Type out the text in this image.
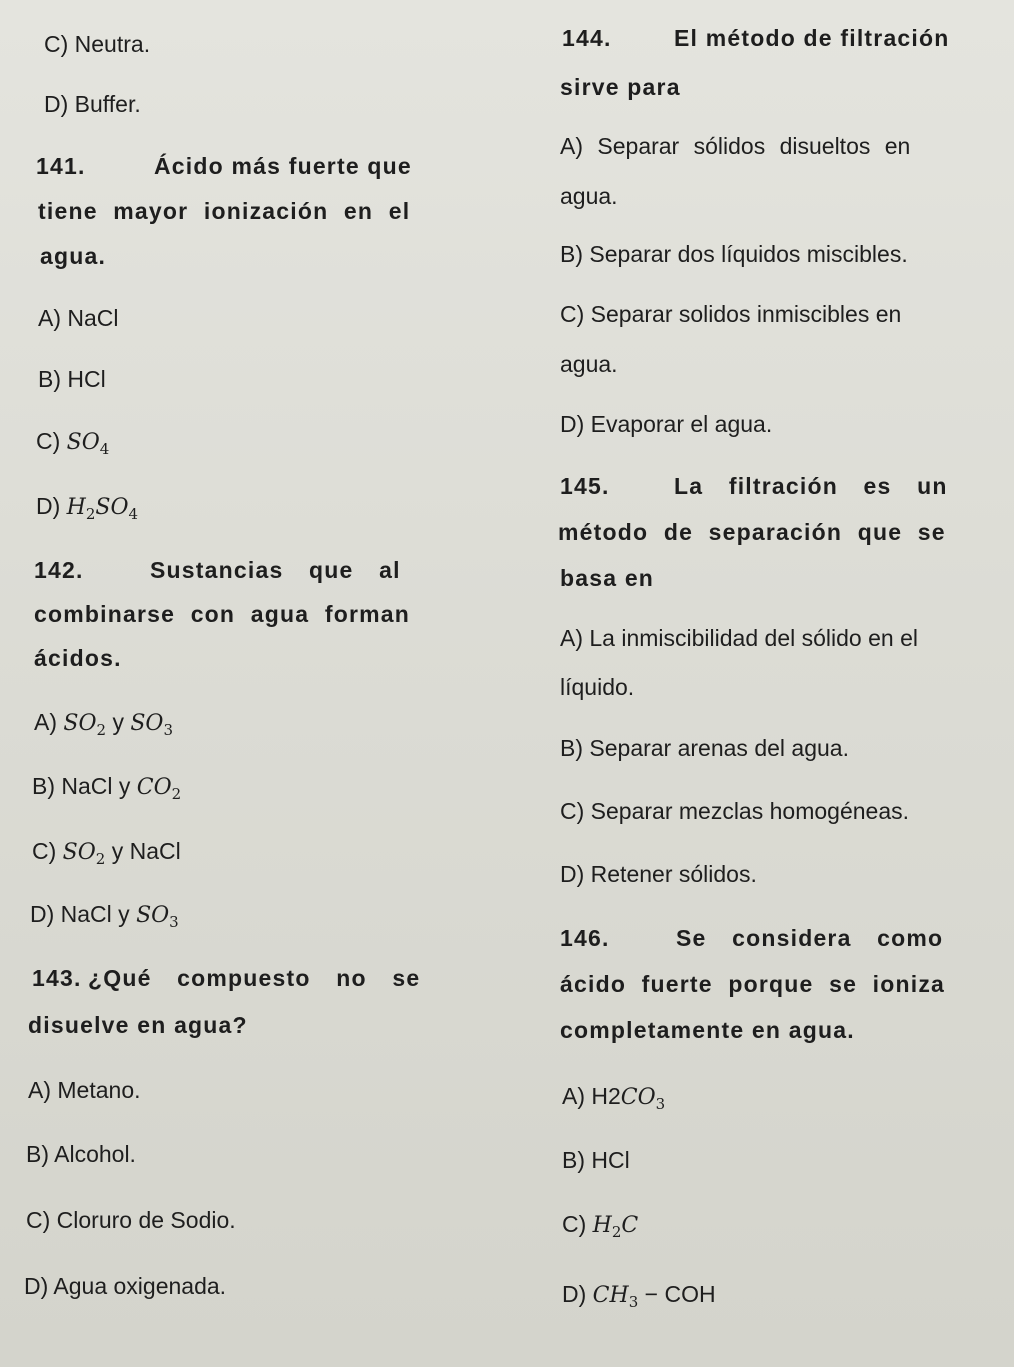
C) Neutra.
D) Buffer.
141.	Ácido más fuerte que
tiene mayor ionización en el
agua.
A) NaCl
B) HCl
C) $SO_4$
D) $H_2SO_4$
142.	Sustancias que al
combinarse con agua forman
ácidos.
A) $SO_2$ y $SO_3$
B) NaCl y $CO_2$
C) $SO_2$ y NaCl
D) NaCl y $SO_3$
143. ¿Qué compuesto no se
disuelve en agua?
A) Metano.
B) Alcohol.
C) Cloruro de Sodio.
D) Agua oxigenada.
144.	El método de filtración
sirve para
A) Separar sólidos disueltos en
agua.
B) Separar dos líquidos miscibles.
C) Separar solidos inmiscibles en
agua.
D) Evaporar el agua.
145.	La filtración es un
método de separación que se
basa en
A) La inmiscibilidad del sólido en el
líquido.
B) Separar arenas del agua.
C) Separar mezclas homogéneas.
D) Retener sólidos.
146.	Se considera como
ácido fuerte porque se ioniza
completamente en agua.
A) $H2CO_3$
B) HCl
C) $H_2C$
D) $CH_3$ − COH
